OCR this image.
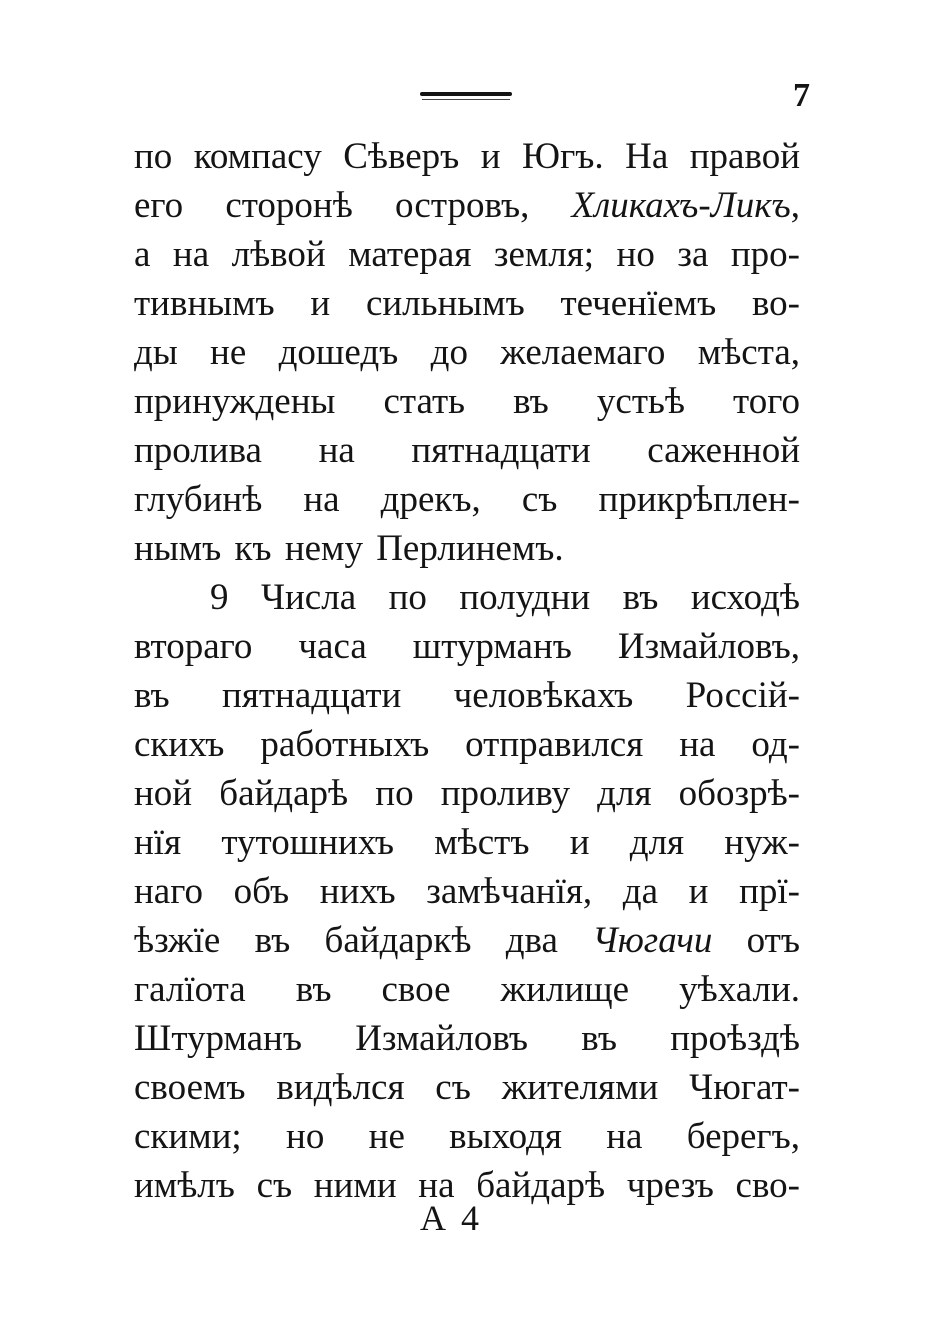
7
по компасу Сѣверъ и Югъ. На правой
его сторонѣ островъ, Хликахъ-Ликъ,
а на лѣвой матерая земля; но за про-
тивнымъ и сильнымъ теченїемъ во-
ды не дошедъ до желаемаго мѣста,
принуждены стать въ устьѣ того
пролива на пятнадцати саженной
глубинѣ на дрекъ, съ прикрѣплен-
нымъ къ нему Перлинемъ.
9 Числа по полудни въ исходѣ
втораго часа штурманъ Измайловъ,
въ пятнадцати человѣкахъ Россій-
скихъ работныхъ отправился на од-
ной байдарѣ по проливу для обозрѣ-
нїя тутошнихъ мѣстъ и для нуж-
наго объ нихъ замѣчанїя, да и прї-
ѣзжїе въ байдаркѣ два Чюгачи отъ
галїота въ свое жилище уѣхали.
Штурманъ Измайловъ въ проѣздѣ
своемъ видѣлся съ жителями Чюгат-
скими; но не выходя на берегъ,
имѣлъ съ ними на байдарѣ чрезъ сво-
A 4
